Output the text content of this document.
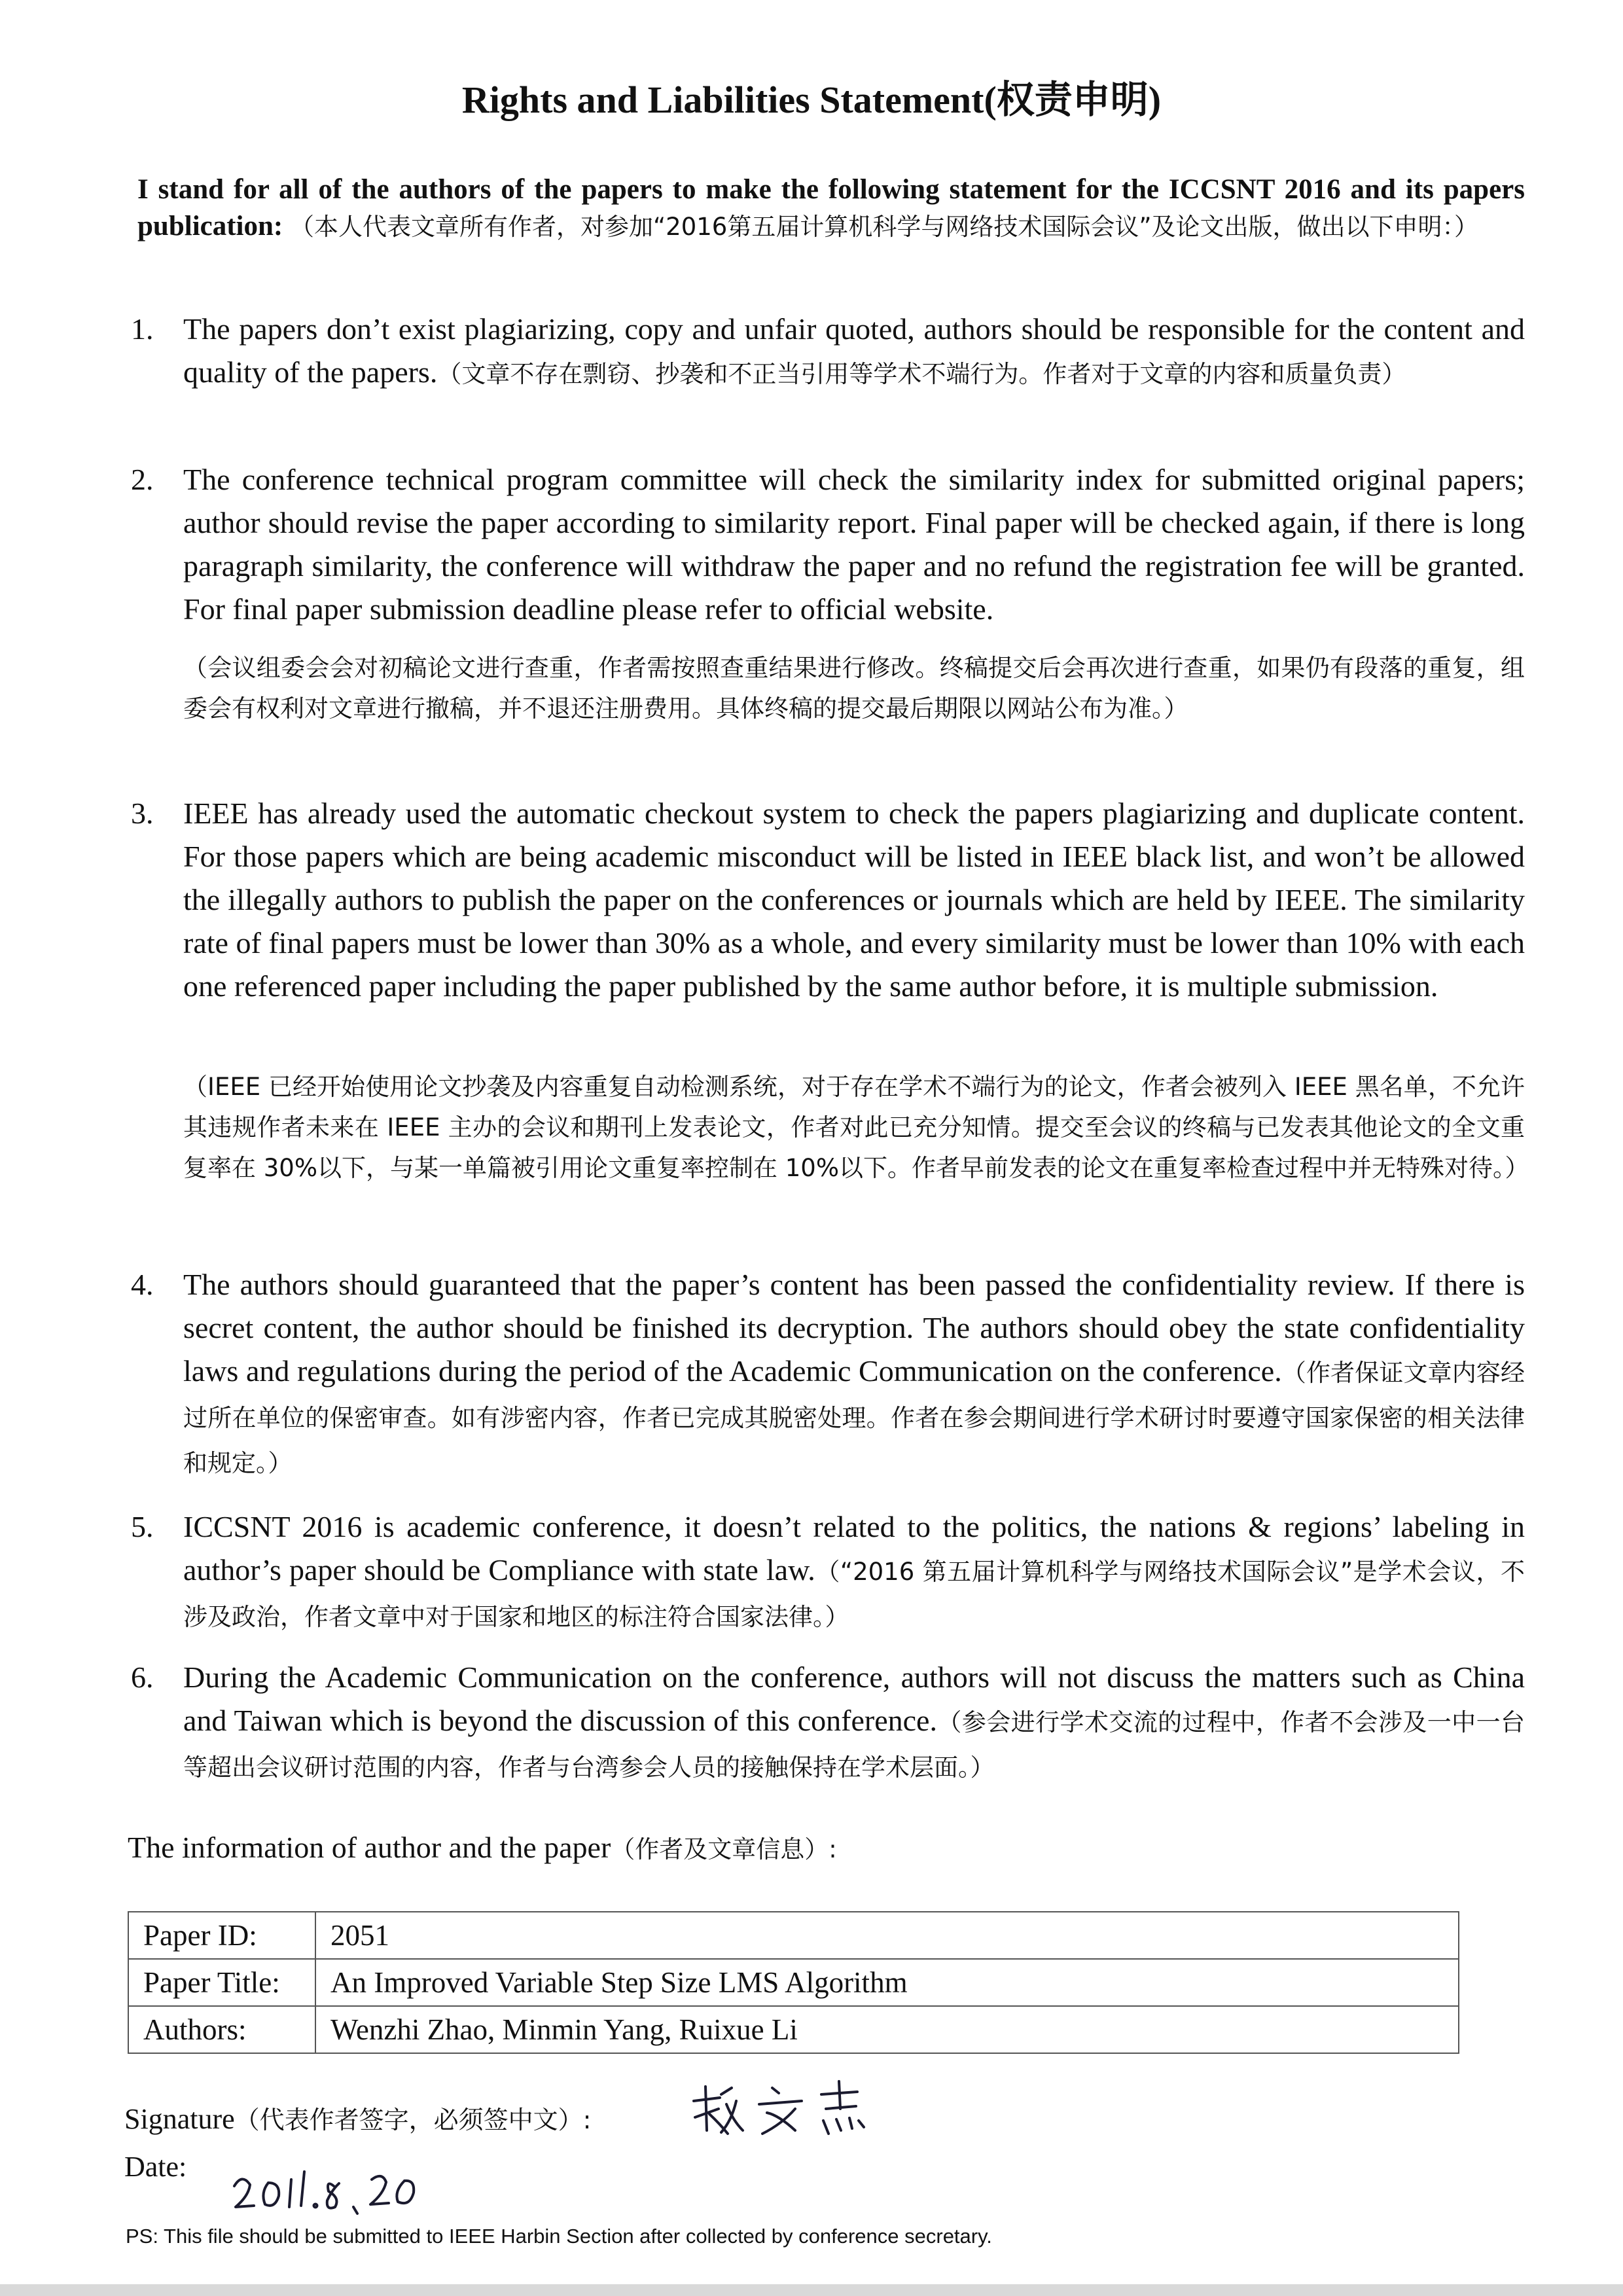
Rights and Liabilities Statement(权责申明)
I stand for all of the authors of the papers to make the following statement for the ICCSNT 2016 and its papers publication: （本人代表文章所有作者，对参加“2016第五届计算机科学与网络技术国际会议”及论文出版，做出以下申明：）
1. The papers don’t exist plagiarizing, copy and unfair quoted, authors should be responsible for the content and quality of the papers.（文章不存在剽窃、抄袭和不正当引用等学术不端行为。作者对于文章的内容和质量负责）
2. The conference technical program committee will check the similarity index for submitted original papers; author should revise the paper according to similarity report. Final paper will be checked again, if there is long paragraph similarity, the conference will withdraw the paper and no refund the registration fee will be granted. For final paper submission deadline please refer to official website.
（会议组委会会对初稿论文进行查重，作者需按照查重结果进行修改。终稿提交后会再次进行查重，如果仍有段落的重复，组委会有权利对文章进行撤稿，并不退还注册费用。具体终稿的提交最后期限以网站公布为准。）
3. IEEE has already used the automatic checkout system to check the papers plagiarizing and duplicate content. For those papers which are being academic misconduct will be listed in IEEE black list, and won’t be allowed the illegally authors to publish the paper on the conferences or journals which are held by IEEE. The similarity rate of final papers must be lower than 30% as a whole, and every similarity must be lower than 10% with each one referenced paper including the paper published by the same author before, it is multiple submission.
（IEEE 已经开始使用论文抄袭及内容重复自动检测系统，对于存在学术不端行为的论文，作者会被列入 IEEE 黑名单，不允许其违规作者未来在 IEEE 主办的会议和期刊上发表论文，作者对此已充分知情。提交至会议的终稿与已发表其他论文的全文重复率在 30%以下，与某一单篇被引用论文重复率控制在 10%以下。作者早前发表的论文在重复率检查过程中并无特殊对待。）
4. The authors should guaranteed that the paper’s content has been passed the confidentiality review. If there is secret content, the author should be finished its decryption. The authors should obey the state confidentiality laws and regulations during the period of the Academic Communication on the conference.（作者保证文章内容经过所在单位的保密审查。如有涉密内容，作者已完成其脱密处理。作者在参会期间进行学术研讨时要遵守国家保密的相关法律和规定。）
5. ICCSNT 2016 is academic conference, it doesn’t related to the politics, the nations & regions’ labeling in author’s paper should be Compliance with state law.（“2016 第五届计算机科学与网络技术国际会议”是学术会议，不涉及政治，作者文章中对于国家和地区的标注符合国家法律。）
6. During the Academic Communication on the conference, authors will not discuss the matters such as China and Taiwan which is beyond the discussion of this conference.（参会进行学术交流的过程中，作者不会涉及一中一台等超出会议研讨范围的内容，作者与台湾参会人员的接触保持在学术层面。）
The information of author and the paper（作者及文章信息）:
Paper ID:	2051
Paper Title:	An Improved Variable Step Size LMS Algorithm
Authors:	Wenzhi Zhao, Minmin Yang, Ruixue Li
Signature（代表作者签字，必须签中文）:
Date:
PS: This file should be submitted to IEEE Harbin Section after collected by conference secretary.
